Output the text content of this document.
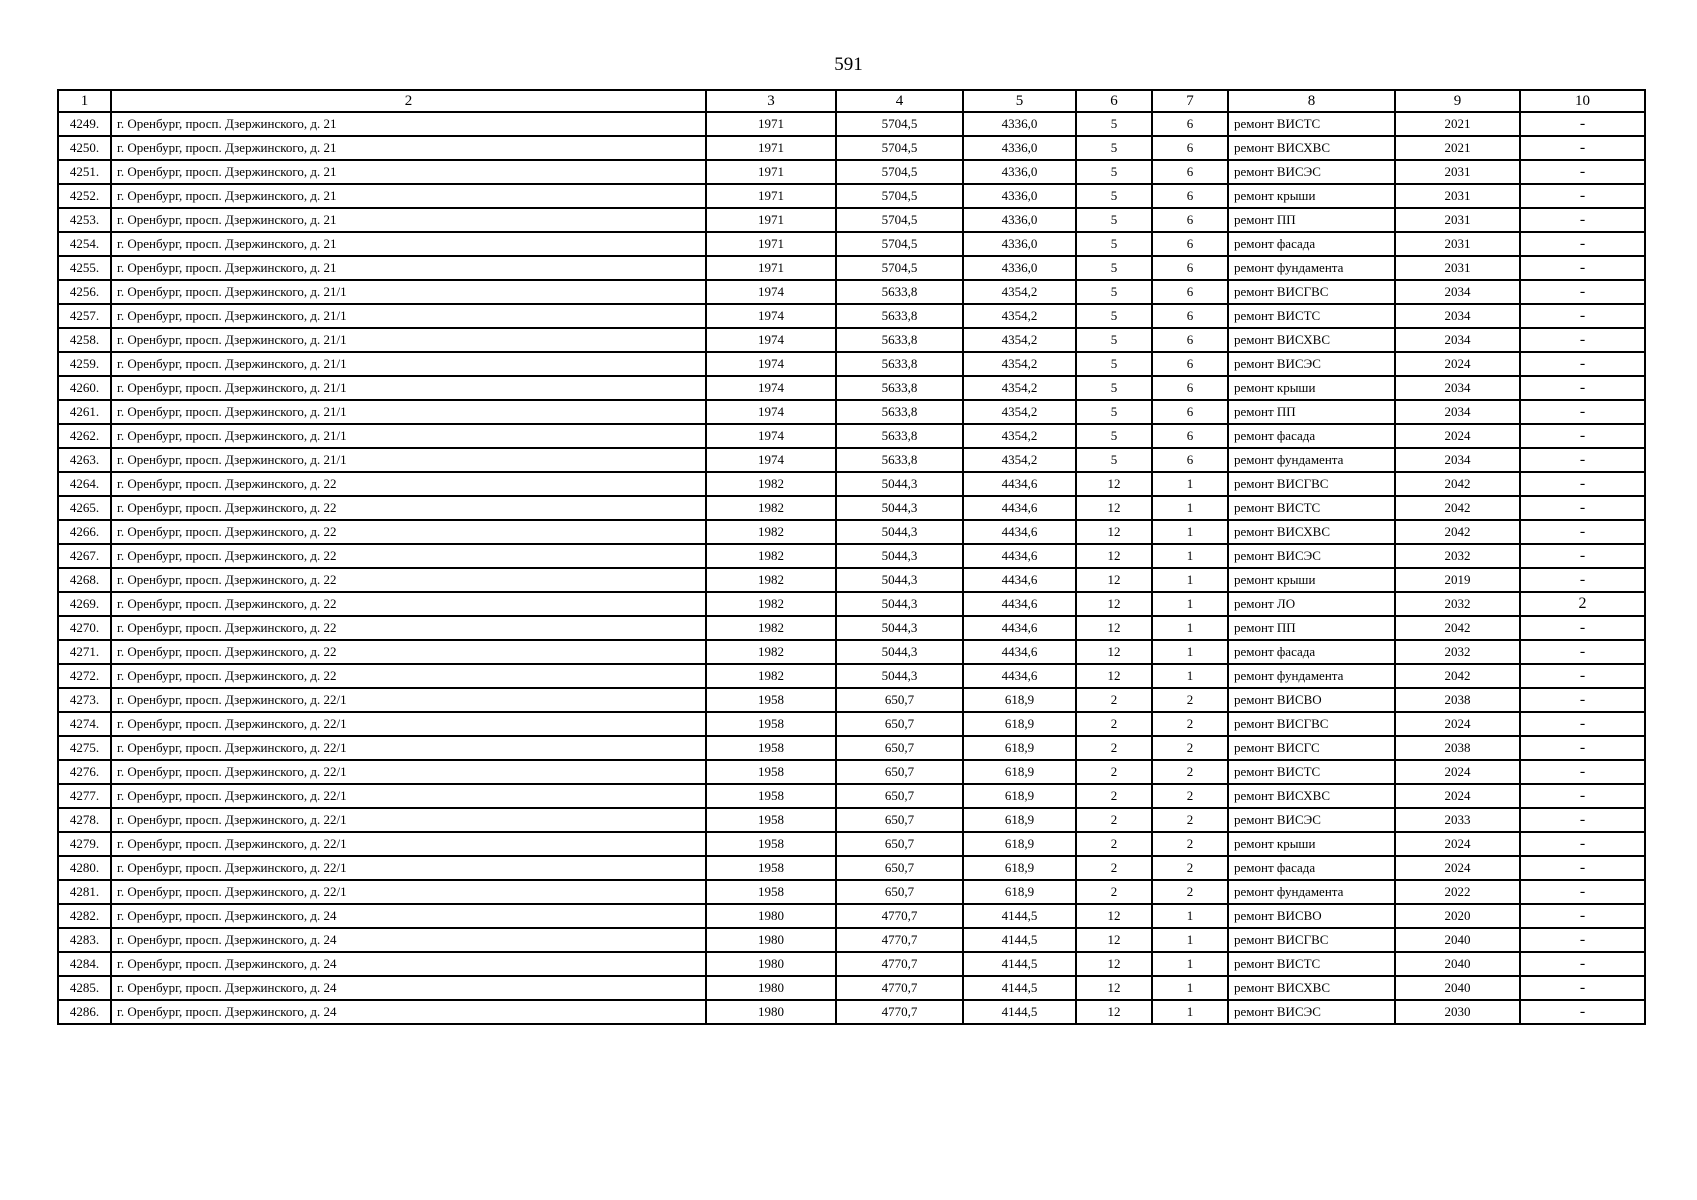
591
1	2	3	4	5	6	7	8	9	10
4249.	г. Оренбург, просп. Дзержинского, д. 21	1971	5704,5	4336,0	5	6	ремонт ВИСТС	2021	-
4250.	г. Оренбург, просп. Дзержинского, д. 21	1971	5704,5	4336,0	5	6	ремонт ВИСХВС	2021	-
4251.	г. Оренбург, просп. Дзержинского, д. 21	1971	5704,5	4336,0	5	6	ремонт ВИСЭС	2031	-
4252.	г. Оренбург, просп. Дзержинского, д. 21	1971	5704,5	4336,0	5	6	ремонт крыши	2031	-
4253.	г. Оренбург, просп. Дзержинского, д. 21	1971	5704,5	4336,0	5	6	ремонт ПП	2031	-
4254.	г. Оренбург, просп. Дзержинского, д. 21	1971	5704,5	4336,0	5	6	ремонт фасада	2031	-
4255.	г. Оренбург, просп. Дзержинского, д. 21	1971	5704,5	4336,0	5	6	ремонт фундамента	2031	-
4256.	г. Оренбург, просп. Дзержинского, д. 21/1	1974	5633,8	4354,2	5	6	ремонт ВИСГВС	2034	-
4257.	г. Оренбург, просп. Дзержинского, д. 21/1	1974	5633,8	4354,2	5	6	ремонт ВИСТС	2034	-
4258.	г. Оренбург, просп. Дзержинского, д. 21/1	1974	5633,8	4354,2	5	6	ремонт ВИСХВС	2034	-
4259.	г. Оренбург, просп. Дзержинского, д. 21/1	1974	5633,8	4354,2	5	6	ремонт ВИСЭС	2024	-
4260.	г. Оренбург, просп. Дзержинского, д. 21/1	1974	5633,8	4354,2	5	6	ремонт крыши	2034	-
4261.	г. Оренбург, просп. Дзержинского, д. 21/1	1974	5633,8	4354,2	5	6	ремонт ПП	2034	-
4262.	г. Оренбург, просп. Дзержинского, д. 21/1	1974	5633,8	4354,2	5	6	ремонт фасада	2024	-
4263.	г. Оренбург, просп. Дзержинского, д. 21/1	1974	5633,8	4354,2	5	6	ремонт фундамента	2034	-
4264.	г. Оренбург, просп. Дзержинского, д. 22	1982	5044,3	4434,6	12	1	ремонт ВИСГВС	2042	-
4265.	г. Оренбург, просп. Дзержинского, д. 22	1982	5044,3	4434,6	12	1	ремонт ВИСТС	2042	-
4266.	г. Оренбург, просп. Дзержинского, д. 22	1982	5044,3	4434,6	12	1	ремонт ВИСХВС	2042	-
4267.	г. Оренбург, просп. Дзержинского, д. 22	1982	5044,3	4434,6	12	1	ремонт ВИСЭС	2032	-
4268.	г. Оренбург, просп. Дзержинского, д. 22	1982	5044,3	4434,6	12	1	ремонт крыши	2019	-
4269.	г. Оренбург, просп. Дзержинского, д. 22	1982	5044,3	4434,6	12	1	ремонт ЛО	2032	2
4270.	г. Оренбург, просп. Дзержинского, д. 22	1982	5044,3	4434,6	12	1	ремонт ПП	2042	-
4271.	г. Оренбург, просп. Дзержинского, д. 22	1982	5044,3	4434,6	12	1	ремонт фасада	2032	-
4272.	г. Оренбург, просп. Дзержинского, д. 22	1982	5044,3	4434,6	12	1	ремонт фундамента	2042	-
4273.	г. Оренбург, просп. Дзержинского, д. 22/1	1958	650,7	618,9	2	2	ремонт ВИСВО	2038	-
4274.	г. Оренбург, просп. Дзержинского, д. 22/1	1958	650,7	618,9	2	2	ремонт ВИСГВС	2024	-
4275.	г. Оренбург, просп. Дзержинского, д. 22/1	1958	650,7	618,9	2	2	ремонт ВИСГС	2038	-
4276.	г. Оренбург, просп. Дзержинского, д. 22/1	1958	650,7	618,9	2	2	ремонт ВИСТС	2024	-
4277.	г. Оренбург, просп. Дзержинского, д. 22/1	1958	650,7	618,9	2	2	ремонт ВИСХВС	2024	-
4278.	г. Оренбург, просп. Дзержинского, д. 22/1	1958	650,7	618,9	2	2	ремонт ВИСЭС	2033	-
4279.	г. Оренбург, просп. Дзержинского, д. 22/1	1958	650,7	618,9	2	2	ремонт крыши	2024	-
4280.	г. Оренбург, просп. Дзержинского, д. 22/1	1958	650,7	618,9	2	2	ремонт фасада	2024	-
4281.	г. Оренбург, просп. Дзержинского, д. 22/1	1958	650,7	618,9	2	2	ремонт фундамента	2022	-
4282.	г. Оренбург, просп. Дзержинского, д. 24	1980	4770,7	4144,5	12	1	ремонт ВИСВО	2020	-
4283.	г. Оренбург, просп. Дзержинского, д. 24	1980	4770,7	4144,5	12	1	ремонт ВИСГВС	2040	-
4284.	г. Оренбург, просп. Дзержинского, д. 24	1980	4770,7	4144,5	12	1	ремонт ВИСТС	2040	-
4285.	г. Оренбург, просп. Дзержинского, д. 24	1980	4770,7	4144,5	12	1	ремонт ВИСХВС	2040	-
4286.	г. Оренбург, просп. Дзержинского, д. 24	1980	4770,7	4144,5	12	1	ремонт ВИСЭС	2030	-
